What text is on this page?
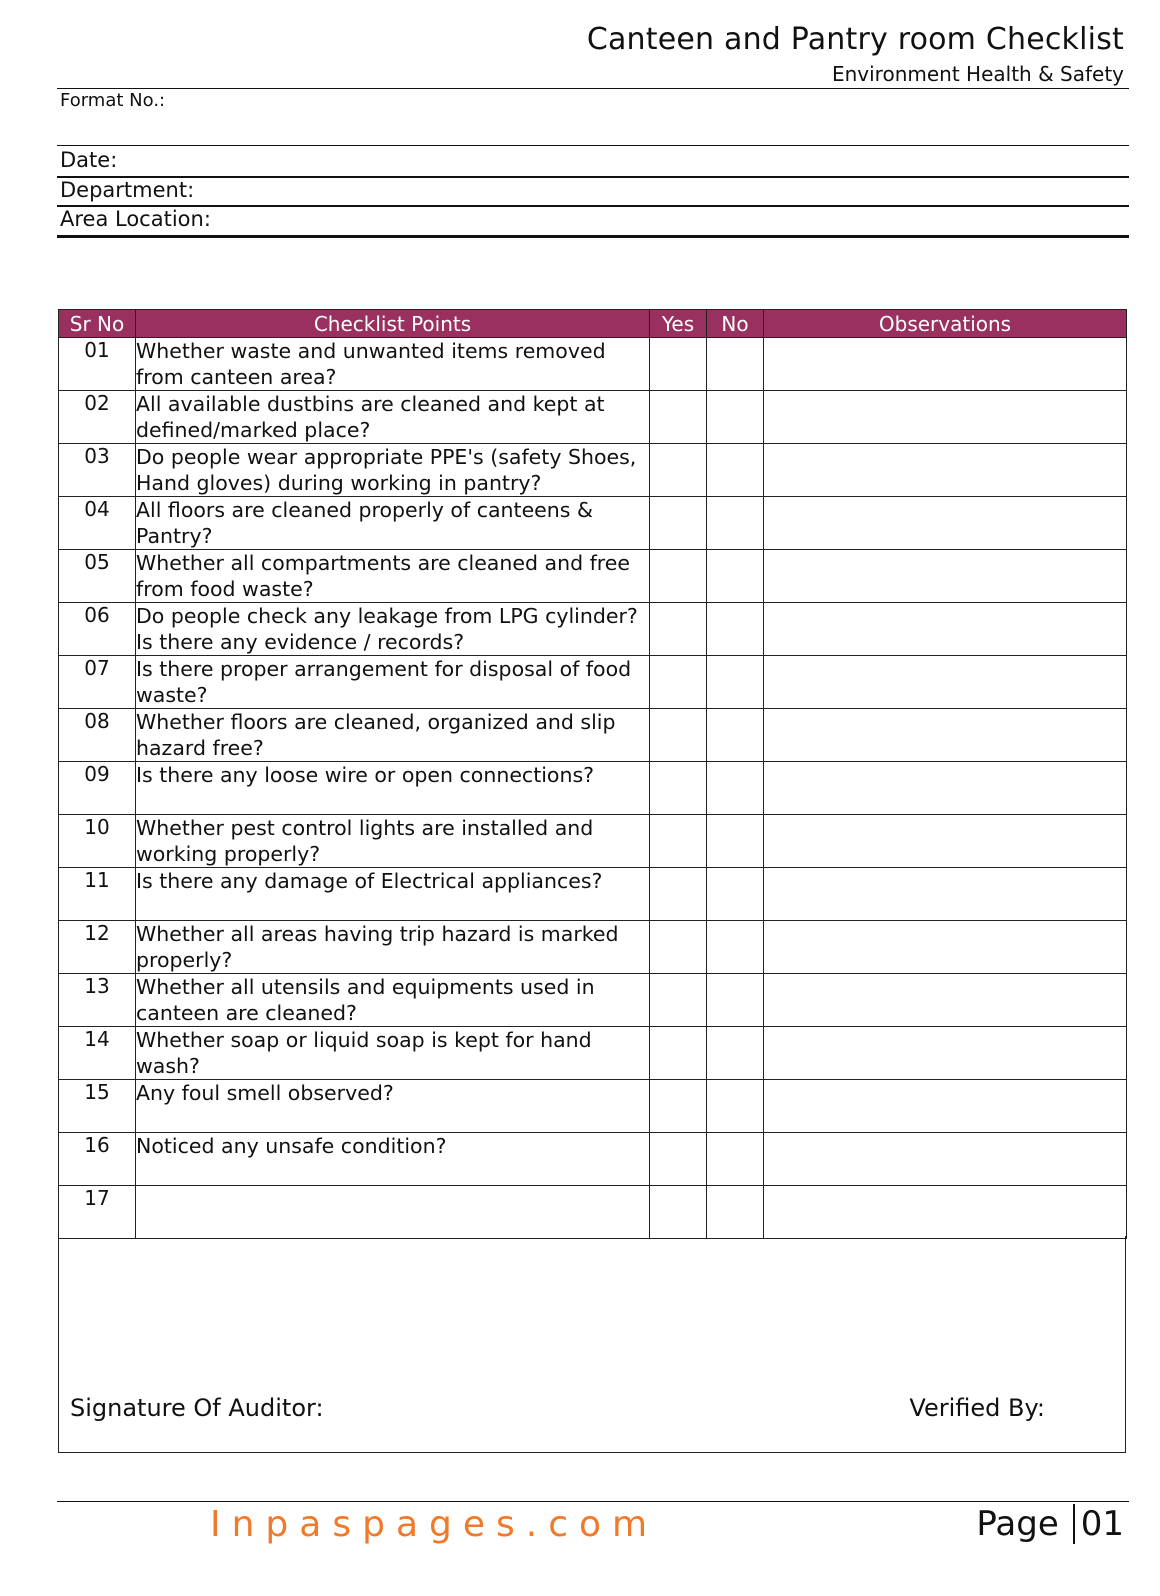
Canteen and Pantry room Checklist
Environment Health & Safety
Format No.:
Date:
Department:
Area Location:
Sr No	Checklist Points	Yes	No	Observations
01	Whether waste and unwanted items removed from canteen area?			
02	All available dustbins are cleaned and kept at defined/marked place?			
03	Do people wear appropriate PPE's (safety Shoes, Hand gloves) during working in pantry?			
04	All floors are cleaned properly of canteens & Pantry?			
05	Whether all compartments are cleaned and free from food waste?			
06	Do people check any leakage from LPG cylinder? Is there any evidence / records?			
07	Is there proper arrangement for disposal of food waste?			
08	Whether floors are cleaned, organized and slip hazard free?			
09	Is there any loose wire or open connections?			
10	Whether pest control lights are installed and working properly?			
11	Is there any damage of Electrical appliances?			
12	Whether all areas having trip hazard is marked properly?			
13	Whether all utensils and equipments used in canteen are cleaned?			
14	Whether soap or liquid soap is kept for hand wash?			
15	Any foul smell observed?			
16	Noticed any unsafe condition?			
17				
Signature Of Auditor:	Verified By:
Inpaspages.com	Page 01
